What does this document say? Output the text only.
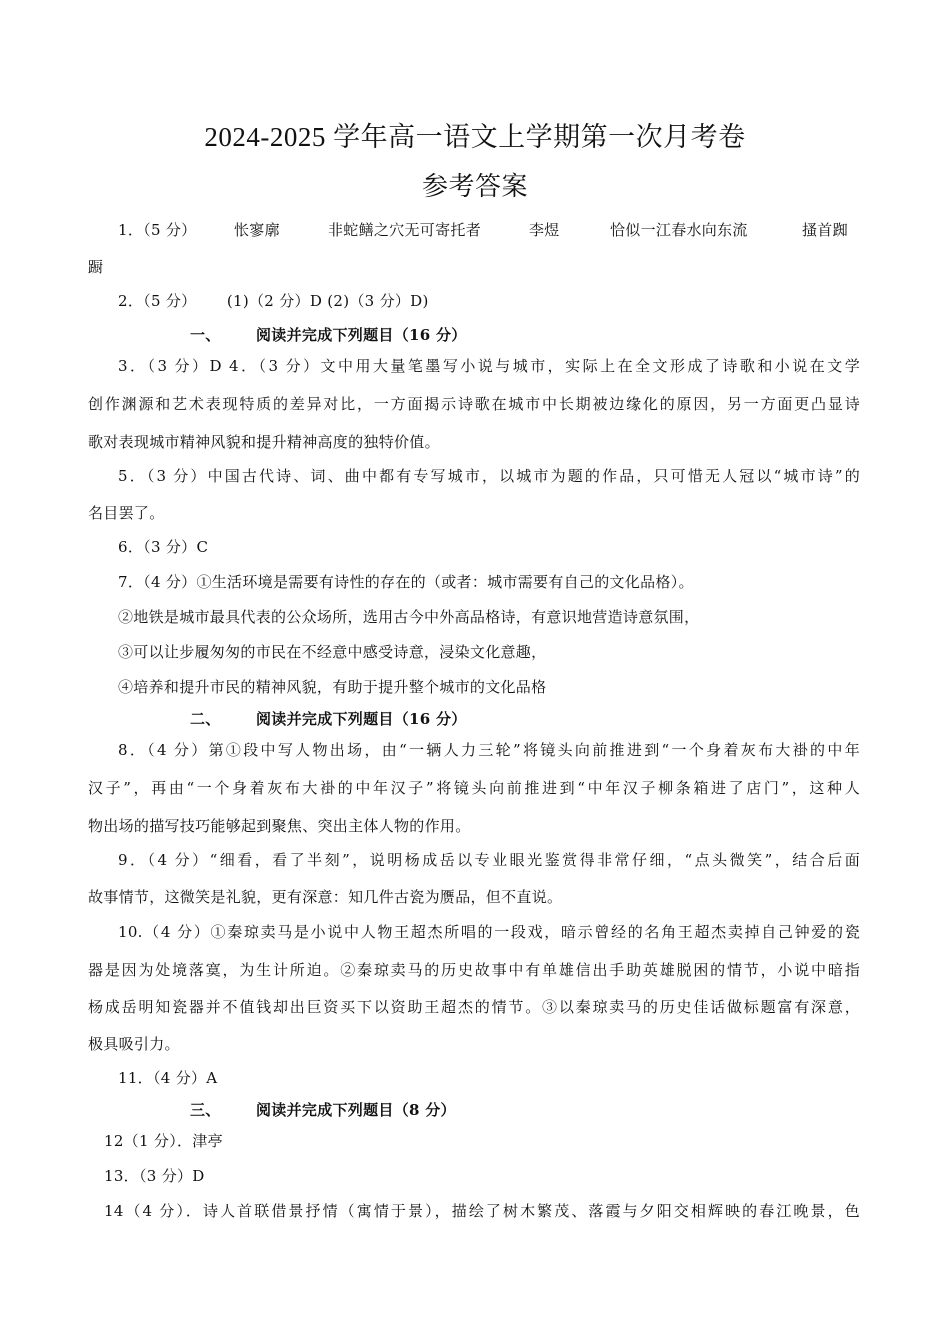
2024-2025 学年高一语文上学期第一次月考卷
参考答案
1．（5 分）	怅寥廓	非蛇鳝之穴无可寄托者	李煜	恰似一江春水向东流	搔首踟
蹰
2．（5 分）      (1)（2 分）D (2)（3 分）D)
一、 阅读并完成下列题目（16 分）
3．（3 分）D 4．（3 分）文中用大量笔墨写小说与城市，实际上在全文形成了诗歌和小说在文学
创作渊源和艺术表现特质的差异对比，一方面揭示诗歌在城市中长期被边缘化的原因，另一方面更凸显诗
歌对表现城市精神风貌和提升精神高度的独特价值。
5．（3 分）中国古代诗、词、曲中都有专写城市，以城市为题的作品，只可惜无人冠以“城市诗”的
名目罢了。
6．（3 分）C
7．（4 分）①生活环境是需要有诗性的存在的（或者：城市需要有自己的文化品格）。
②地铁是城市最具代表的公众场所，选用古今中外高品格诗，有意识地营造诗意氛围，
③可以让步履匆匆的市民在不经意中感受诗意，浸染文化意趣，
④培养和提升市民的精神风貌，有助于提升整个城市的文化品格
二、 阅读并完成下列题目（16 分）
8．（4 分）第①段中写人物出场，由“一辆人力三轮”将镜头向前推进到“一个身着灰布大褂的中年
汉子”，再由“一个身着灰布大褂的中年汉子”将镜头向前推进到“中年汉子柳条箱进了店门”，这种人
物出场的描写技巧能够起到聚焦、突出主体人物的作用。
9．（4 分）“细看，看了半刻”，说明杨成岳以专业眼光鉴赏得非常仔细，“点头微笑”，结合后面
故事情节，这微笑是礼貌，更有深意：知几件古瓷为赝品，但不直说。
10.（4 分）①秦琼卖马是小说中人物王超杰所唱的一段戏，暗示曾经的名角王超杰卖掉自己钟爱的瓷
器是因为处境落寞，为生计所迫。②秦琼卖马的历史故事中有单雄信出手助英雄脱困的情节，小说中暗指
杨成岳明知瓷器并不值钱却出巨资买下以资助王超杰的情节。③以秦琼卖马的历史佳话做标题富有深意，
极具吸引力。
11．（4 分）A
三、 阅读并完成下列题目（8 分）
12（1 分）．津亭
13．（3 分）D
14（4 分）．诗人首联借景抒情（寓情于景），描绘了树木繁茂、落霞与夕阳交相辉映的春江晚景，色
